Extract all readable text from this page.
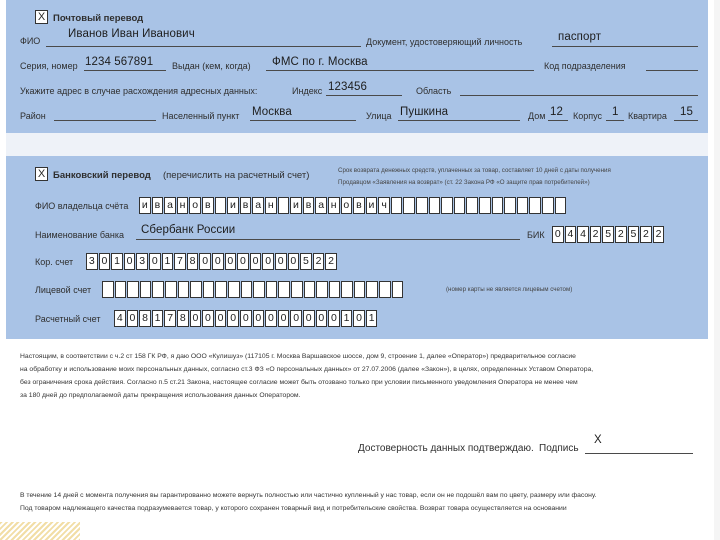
X Почтовый перевод
ФИО
Иванов Иван Иванович
Документ, удостоверяющий личность	паспорт
Серия, номер 1234 567891 Выдан (кем, когда) ФМС по г. Москва	Код подразделения
Укажите адрес в случае расхождения адресных данных:	Индекс 123456	Область
Район	Населенный пункт Москва	Улица Пушкина	Дом 12 Корпус 1 Квартира 15
X Банковский перевод (перечислить на расчетный счет)	Срок возврата денежных средств, уплаченных за товар, составляет 10 дней с даты получения
Продавцом «Заявления на возврат» (ст. 22 Закона РФ «О защите прав потребителей»)
ФИО владельца счёта и в а н о в и в а н и в а н о в и ч
Наименование банка Сбербанк России	БИК 0 4 4 2 5 2 5 2 2
Кор. счет 3 0 1 0 3 0 1 7 8 0 0 0 0 0 0 0 0 5 2 2
Лицевой счет	(номер карты не является лицевым счетом)
Расчетный счет 4 0 8 1 7 8 0 0 0 0 0 0 0 0 0 0 0 0 1 0 1
Настоящим, в соответствии с ч.2 ст 158 ГК РФ, я даю ООО «Кулишуз» (117105 г. Москва Варшавское шоссе, дом 9, строение 1, далее «Оператор») предварительное согласие
на обработку и использование моих персональных данных, согласно ст.3 ФЗ «О персональных данных» от 27.07.2006 (далее «Закон»), в целях, определенных Уставом Оператора,
без ограничения срока действия. Согласно п.5 ст.21 Закона, настоящее согласие может быть отозвано только при условии письменного уведомления Оператора не менее чем
за 180 дней до предполагаемой даты прекращения использования данных Оператором.
Достоверность данных подтверждаю. Подпись
Х
В течение 14 дней с момента получения вы гарантированно можете вернуть полностью или частично купленный у нас товар, если он не подошёл вам по цвету, размеру или фасону.
Под товаром надлежащего качества подразумевается товар, у которого сохранен товарный вид и потребительские свойства. Возврат товара осуществляется на основании
